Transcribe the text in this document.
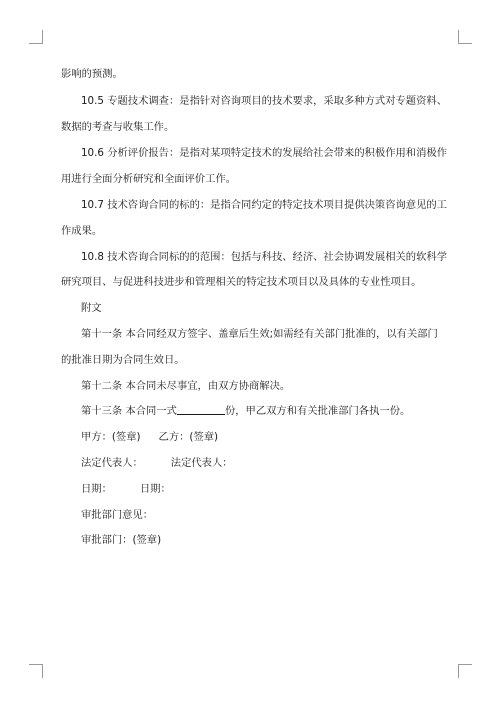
影响的预测。
10.5 专题技术调查：是指针对咨询项目的技术要求，采取多种方式对专题资料、
数据的考查与收集工作。
10.6 分析评价报告：是指对某项特定技术的发展给社会带来的积极作用和消极作
用进行全面分析研究和全面评价工作。
10.7 技术咨询合同的标的：是指合同约定的特定技术项目提供决策咨询意见的工
作成果。
10.8 技术咨询合同标的的范围：包括与科技、经济、社会协调发展相关的软科学
研究项目、与促进科技进步和管理相关的特定技术项目以及具体的专业性项目。
附文
第十一条 本合同经双方签字、盖章后生效;如需经有关部门批准的，以有关部门
的批准日期为合同生效日。
第十二条 本合同未尽事宜，由双方协商解决。
第十三条 本合同一式	份，甲乙双方和有关批准部门各执一份。
甲方：(签章) 乙方：(签章)
法定代表人：	法定代表人：
日期：	日期：
审批部门意见：
审批部门：(签章)
